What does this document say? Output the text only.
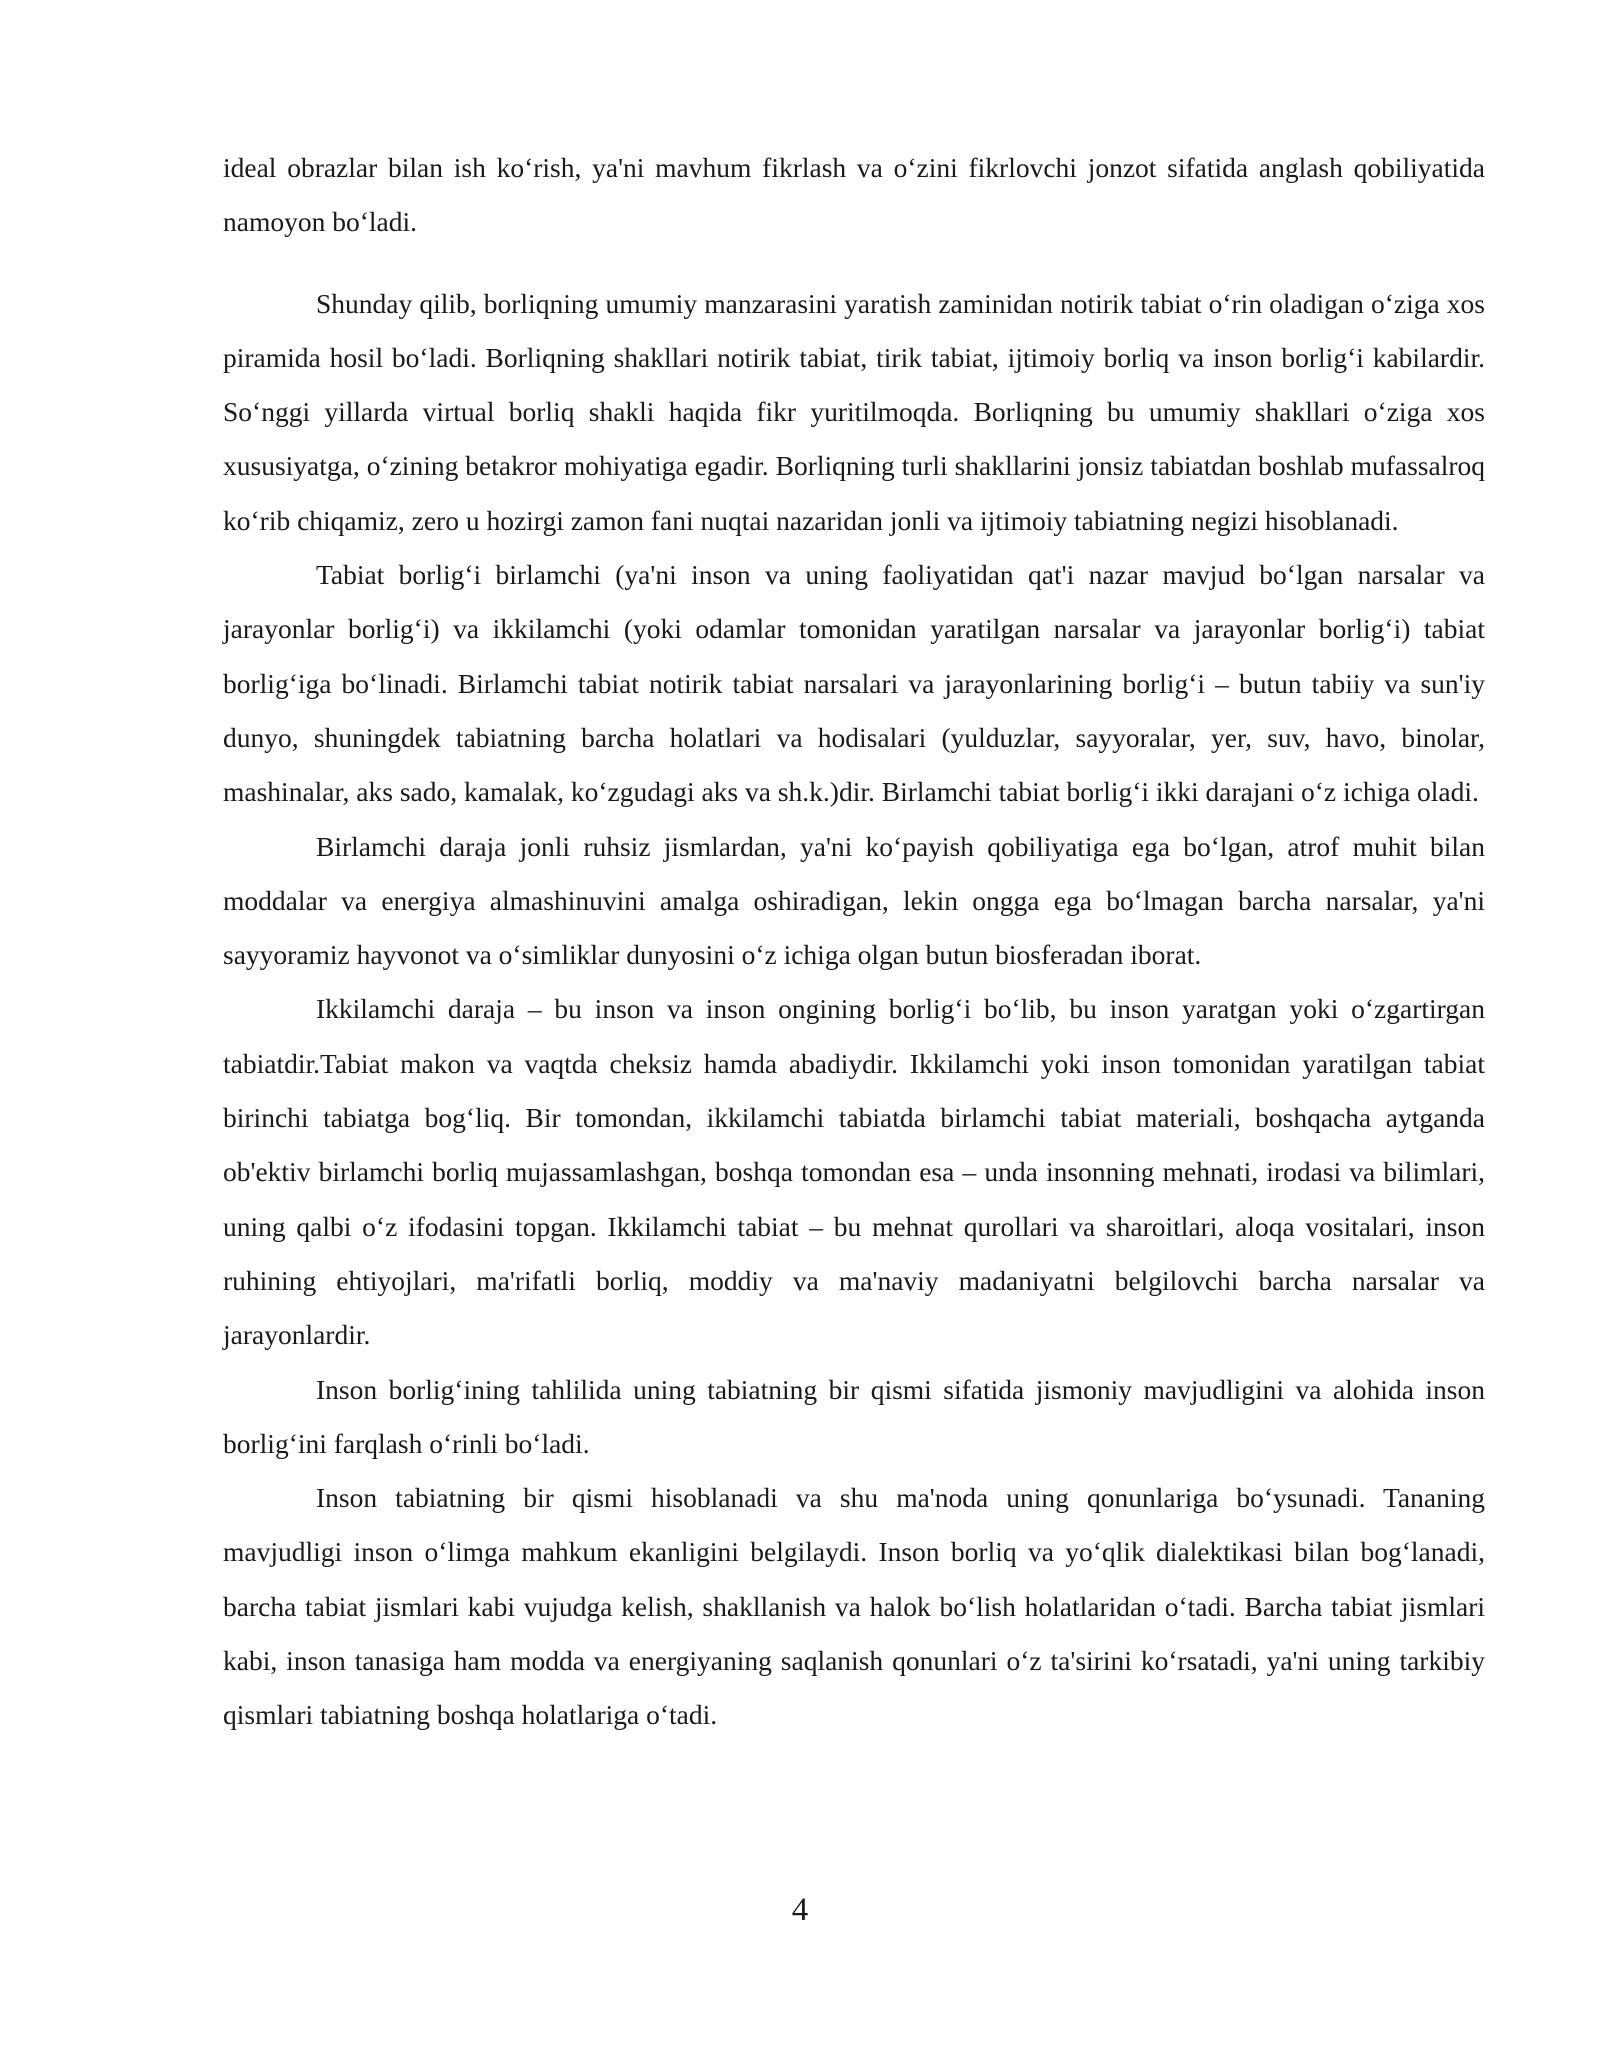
ideal obrazlar bilan ish ko‘rish, ya'ni mavhum fikrlash va o‘zini fikrlovchi jonzot sifatida anglash qobiliyatida namoyon bo‘ladi.

Shunday qilib, borliqning umumiy manzarasini yaratish zaminidan notirik tabiat o‘rin oladigan o‘ziga xos piramida hosil bo‘ladi. Borliqning shakllari notirik tabiat, tirik tabiat, ijtimoiy borliq va inson borlig‘i kabilardir. So‘nggi yillarda virtual borliq shakli haqida fikr yuritilmoqda. Borliqning bu umumiy shakllari o‘ziga xos xususiyatga, o‘zining betakror mohiyatiga egadir. Borliqning turli shakllarini jonsiz tabiatdan boshlab mufassalroq ko‘rib chiqamiz, zero u hozirgi zamon fani nuqtai nazaridan jonli va ijtimoiy tabiatning negizi hisoblanadi.

Tabiat borlig‘i birlamchi (ya'ni inson va uning faoliyatidan qat'i nazar mavjud bo‘lgan narsalar va jarayonlar borlig‘i) va ikkilamchi (yoki odamlar tomonidan yaratilgan narsalar va jarayonlar borlig‘i) tabiat borlig‘iga bo‘linadi. Birlamchi tabiat notirik tabiat narsalari va jarayonlarining borlig‘i – butun tabiiy va sun'iy dunyo, shuningdek tabiatning barcha holatlari va hodisalari (yulduzlar, sayyoralar, yer, suv, havo, binolar, mashinalar, aks sado, kamalak, ko‘zgudagi aks va sh.k.)dir. Birlamchi tabiat borlig‘i ikki darajani o‘z ichiga oladi.

Birlamchi daraja jonli ruhsiz jismlardan, ya'ni ko‘payish qobiliyatiga ega bo‘lgan, atrof muhit bilan moddalar va energiya almashinuvini amalga oshiradigan, lekin ongga ega bo‘lmagan barcha narsalar, ya'ni sayyoramiz hayvonot va o‘simliklar dunyosini o‘z ichiga olgan butun biosferadan iborat.

Ikkilamchi daraja – bu inson va inson ongining borlig‘i bo‘lib, bu inson yaratgan yoki o‘zgartirgan tabiatdir.Tabiat makon va vaqtda cheksiz hamda abadiydir. Ikkilamchi yoki inson tomonidan yaratilgan tabiat birinchi tabiatga bog‘liq. Bir tomondan, ikkilamchi tabiatda birlamchi tabiat materiali, boshqacha aytganda ob'ektiv birlamchi borliq mujassamlashgan, boshqa tomondan esa – unda insonning mehnati, irodasi va bilimlari, uning qalbi o‘z ifodasini topgan. Ikkilamchi tabiat – bu mehnat qurollari va sharoitlari, aloqa vositalari, inson ruhining ehtiyojlari, ma'rifatli borliq, moddiy va ma'naviy madaniyatni belgilovchi barcha narsalar va jarayonlardir.

Inson borlig‘ining tahlilida uning tabiatning bir qismi sifatida jismoniy mavjudligini va alohida inson borlig‘ini farqlash o‘rinli bo‘ladi.

Inson tabiatning bir qismi hisoblanadi va shu ma'noda uning qonunlariga bo‘ysunadi. Tananing mavjudligi inson o‘limga mahkum ekanligini belgilaydi. Inson borliq va yo‘qlik dialektikasi bilan bog‘lanadi, barcha tabiat jismlari kabi vujudga kelish, shakllanish va halok bo‘lish holatlaridan o‘tadi. Barcha tabiat jismlari kabi, inson tanasiga ham modda va energiyaning saqlanish qonunlari o‘z ta'sirini ko‘rsatadi, ya'ni uning tarkibiy qismlari tabiatning boshqa holatlariga o‘tadi.

4
